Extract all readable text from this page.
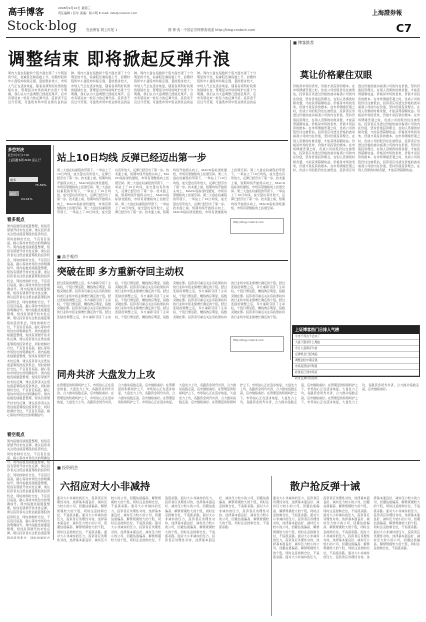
高手博客	2008年9月10日 星期三
责任编辑 / 张华 美编：杨小明 E-mail: zxb@cnstock.com	上海證券報
Stock·blog	发表博客 网上时报 1	圆·博·客 · 中国证券网博客频道 http://blog.cnstock.com	C7
调整结束 即将掀起反弹升浪
周内大盘在指数和个股方面出现了十分明显的分化，权重股压制指数上升，而题材股和中小盘股却持续走强，量能稳步放大，市场人气正在逐步恢复，随着各项利好政策的陆续出台，管理层对市场的呵护态度十分明确，我们认为大盘调整已经接近尾声，后市有望迎来一轮有力的反弹升浪。投资者不宜过分悲观，可逢低布局中报业绩优良的品种。周内大盘在指数和个股方面出现了十分明显的分化，权重股压制指数上升，而题材股和中小盘股却持续走强，量能稳步放大，市场人气正在逐步恢复，随着各项利好政策的陆续出台，管理层对市场的呵护态度十分明确，我们认为大盘调整已经接近尾声，后市有望迎来一轮有力的反弹升浪。投资者不宜过分悲观，可逢低布局中报业绩优良的品种。周内大盘在指数和个股方面出现了十分明显的分化，权重股压制指数上升，而题材股和中小盘股却持续走强，量能稳步放大，市场人气正在逐步恢复，随着各项利好政策的陆续出台，管理层对市场的呵护态度十分明确，我们认为大盘调整已经接近尾声，后市有望迎来一轮有力的反弹升浪。投资者不宜过分悲观，可逢低布局中报业绩优良的品种。周内大盘在指数和个股方面出现了十分明显的分化，权重股压制指数上升，而题材股和中小盘股却持续走强，量能稳步放大，市场人气正在逐步恢复，随着各项利好政策的陆续出台，管理层对市场的呵护态度十分明确，我们认为大盘调整已经接近尾声，后市有望迎来一轮有力的反弹升浪。投资者不宜过分悲观，可逢低布局中报业绩优良的品
多空对决
截至9月9日17:00
上证指数本周 2100 点以上？
看多
75.59%
看空
24.41%
看多观点
周内指数连续缩量整理，短线有望展开技术性反弹，建议投资者关注低估值蓝筹股的投资机会，同时控制好仓位，不宜盲目追高，耐心等待市场给出的明确信号。周内指数连续缩量整理，短线有望展开技术性反弹，建议投资者关注低估值蓝筹股的投资机会，同时控制好仓位，不宜盲目追高，耐心等待市场给出的明确信号。周内指数连续缩量整理，短线有望展开技术性反弹，建议投资者关注低估值蓝筹股的投资机会，同时控制好仓位，不宜盲目追高，耐心等待市场给出的明确信号。周内指数连续缩量整理，短线有望展开技术性反弹，建议投资者关注低估值蓝筹股的投资机会，同时控制好仓位，不宜盲目追高，耐心等待市场给出的明确信号。周内指数连续缩量整理，短线有望展开技术性反弹，建议投资者关注低估值蓝筹股的投资机会，同时控制好仓位，不宜盲目追高，耐心等待市场给出的明确信号。周内指数连续缩量整理，短线有望展开技术性反弹，建议投资者关注低估值蓝筹股的投资机会，同时控制好仓位，不宜盲目追高，耐心等待市场给出的明确信号。周内指数连续缩量整理，短线有望展开技术性反弹，建议投资者关注低估值蓝筹股的投资机会，同时控制好仓位，不宜盲目追高，耐心等待市场给出的明确信号。周内指数连续缩量整理，短线有望展开技术性反弹，建议投资者关注低估值蓝筹股的投资机会，同时控制好仓位，不宜盲目追高，耐心等待市场给出的明确信号。周内指数连续缩量整理，短线有望展开技术性反弹，建议投资者关注低估值蓝筹股的投资机会，同时控制好仓位，不宜盲目追高，耐心等待市场给出的明确信号。
看空观点
周内指数连续缩量整理，短线有望展开技术性反弹，建议投资者关注低估值蓝筹股的投资机会，同时控制好仓位，不宜盲目追高，耐心等待市场给出的明确信号。周内指数连续缩量整理，短线有望展开技术性反弹，建议投资者关注低估值蓝筹股的投资机会，同时控制好仓位，不宜盲目追高，耐心等待市场给出的明确信号。周内指数连续缩量整理，短线有望展开技术性反弹，建议投资者关注低估值蓝筹股的投资机会，同时控制好仓位，不宜盲目追高，耐心等待市场给出的明确信号。周内指数连续缩量整理，短线有望展开技术性反弹，建议投资者关注低估值蓝筹股的投资机会，同时控制好仓位，不宜盲目追高，耐心等待市场给出的明确信号。周内指数连续缩量整理，短线有望展开技术性反弹，建议投资者关注低估值蓝筹股的投资机会，同时控制好仓
站上10日均线 反弹已经迈出第一步
周二大盘在权重股的带领下，一举站上了10日均线，成交量也有所放大，反弹已经迈出了第一步。技术面上看，短期均线开始拐头向上，MACD指标绿柱缩短，市场有望继续向上拓展空间。周二大盘在权重股的带领下，一举站上了10日均线，成交量也有所放大，反弹已经迈出了第一步。技术面上看，短期均线开始拐头向上，MACD指标绿柱缩短，市场有望继续向上拓展空间。周二大盘在权重股的带领下，一举站上了10日均线，成交量也有所放大，反弹已经迈出了第一步。技术面上看，短期均线开始拐头向上，MACD指标绿柱缩短，市场有望继续向上拓展空间。周二大盘在权重股的带领下，一举站上了10日均线，成交量也有所放大，反弹已经迈出了第一步。技术面上看，短期均线开始拐头向上，MACD指标绿柱缩短，市场有望继续向上拓展空间。周二大盘在权重股的带领下，一举站上了10日均线，成交量也有所放大，反弹已经迈出了第一步。技术面上看，短期均线开始拐头向上，MACD指标绿柱缩短，市场有望继续向上拓展空间。周二大盘在权重股的带领下，一举站上了10日均线，成交量也有所放大，反弹已经迈出了第一步。技术面上看，短期均线开始拐头向上，MACD指标绿柱缩短，市场有望继续向上拓展空间。周二大盘在权重股的带领下，一举站上了10日均线，成交量也有所放大，反弹已经迈出了第一步。技术面上看，短期均线开始拐头向上，MACD指标绿柱缩短，市场有望继续向上拓展空间。周二大盘在权重股的带领下，一举站上了10日均线，成交量也有所放大，反弹已经迈出了第一步。技术面上看，短期均线开始拐头向上，MACD指标绿柱缩短，市场有望继续向上拓展空间。周二大盘在权重股的带领下，一举站上了10日均线，成交量也有所放大，反弹已经迈出了第一步。技术面上看，短期均线开始拐头向上，MACD指标绿柱缩短，市场有望继续向上拓展空间。
http://blog.cnstock.com
■ 高手观市
突破在即 多方重新夺回主动权
经过连续的调整之后，多方重新夺回了主动权，个股行情活跃，赚钱效应明显，指数突破在即。投资者可重点关注有政策扶持的行业和中报业绩增长确定的个股。经过连续的调整之后，多方重新夺回了主动权，个股行情活跃，赚钱效应明显，指数突破在即。投资者可重点关注有政策扶持的行业和中报业绩增长确定的个股。经过连续的调整之后，多方重新夺回了主动权，个股行情活跃，赚钱效应明显，指数突破在即。投资者可重点关注有政策扶持的行业和中报业绩增长确定的个股。经过连续的调整之后，多方重新夺回了主动权，个股行情活跃，赚钱效应明显，指数突破在即。投资者可重点关注有政策扶持的行业和中报业绩增长确定的个股。经过连续的调整之后，多方重新夺回了主动权，个股行情活跃，赚钱效应明显，指数突破在即。投资者可重点关注有政策扶持的行业和中报业绩增长确定的个股。经过连续的调整之后，多方重新夺回了主动权，个股行情活跃，赚钱效应明显，指数突破在即。投资者可重点关注有政策扶持的行业和中报业绩增长确定的个股。经过连续的调整之后，多方重新夺回了主动权，个股行情活跃，赚钱效应明显，指数突破在即。投资者可重点关注有政策扶持的行业和中报业绩增长确定的个股。经过连续的调整之后，多方重新夺回了主动权，个股行情活跃，赚钱效应明显，指数突破在即。投资者可重点关注有政策扶持的行业和中报业绩增长确定的个股。经过连续的调整之后，多方重新夺回了主动权，个股行情活跃，赚钱效应明显，指数突破在即。投资者可重点关注有政策扶持的行业和中报业绩增长确定的个股。
http://blog.cnstock.com
同舟共济 大盘发力上攻
在管理层的积极呵护之下，市场信心正在逐步恢复，大盘发力上攻，各路资金同舟共济，合力推动指数走高，后市继续看好。在管理层的积极呵护之下，市场信心正在逐步恢复，大盘发力上攻，各路资金同舟共济，合力推动指数走高，后市继续看好。在管理层的积极呵护之下，市场信心正在逐步恢复，大盘发力上攻，各路资金同舟共济，合力推动指数走高，后市继续看好。在管理层的积极呵护之下，市场信心正在逐步恢复，大盘发力上攻，各路资金同舟共济，合力推动指数走高，后市继续看好。在管理层的积极呵护之下，市场信心正在逐步恢复，大盘发力上攻，各路资金同舟共济，合力推动指数走高，后市继续看好。在管理层的积极呵护之下，市场信心正在逐步恢复，大盘发力上攻，各路资金同舟共济，合力推动指数走高，后市继续看好。在管理层的积极呵护之下，市场信心正在逐步恢复，大盘发力上攻，各路资金同舟共济，合力推动指数走高，后市继续看好。在管理层的积极呵护之下，市场信心正在逐步恢复，大盘发力上攻，各路资金同舟共济，合力推动指数走高，后市继续看好。在管理层的积极呵护之下，市场信心正在逐步恢复，大盘发力上攻，各路资金同舟共济，合力推动指数走高，后市继续看好。
■ 博客推荐
莫让价格蒙住双眼
价格是市场的表象，价值才是投资的根本。在市场情绪悲观之时，优质公司的股价往往被低估，投资者应该透过价格的波动看清公司的内在价值，坚持价值投资理念，在别人恐惧的时候贪婪，才能获得超额收益。价格是市场的表象，价值才是投资的根本。在市场情绪悲观之时，优质公司的股价往往被低估，投资者应该透过价格的波动看清公司的内在价值，坚持价值投资理念，在别人恐惧的时候贪婪，才能获得超额收益。价格是市场的表象，价值才是投资的根本。在市场情绪悲观之时，优质公司的股价往往被低估，投资者应该透过价格的波动看清公司的内在价值，坚持价值投资理念，在别人恐惧的时候贪婪，才能获得超额收益。价格是市场的表象，价值才是投资的根本。在市场情绪悲观之时，优质公司的股价往往被低估，投资者应该透过价格的波动看清公司的内在价值，坚持价值投资理念，在别人恐惧的时候贪婪，才能获得超额收益。价格是市场的表象，价值才是投资的根本。在市场情绪悲观之时，优质公司的股价往往被低估，投资者应该透过价格的波动看清公司的内在价值，坚持价值投资理念，在别人恐惧的时候贪婪，才能获得超额收益。价格是市场的表象，价值才是投资的根本。在市场情绪悲观之时，优质公司的股价往往被低估，投资者应该透过价格的波动看清公司的内在价值，坚持价值投资理念，在别人恐惧的时候贪婪，才能获得超额收益。价格是市场的表象，价值才是投资的根本。在市场情绪悲观之时，优质公司的股价往往被低估，投资者应该透过价格的波动看清公司的内在价值，坚持价值投资理念，在别人恐惧的时候贪婪，才能获得超额收益。价格是市场的表象，价值才是投资的根本。在市场情绪悲观之时，优质公司的股价往往被低估，投资者应该透过价格的波动看清公司的内在价值，坚持价值投资理念，在别人恐惧的时候贪婪，才能获得超额收益。价格是市场的表象，价值才是投资的根本。在市场情绪悲观之时，优质公司的股价往往被低估，投资者应该透过价格的波动看清公司的内在价值，坚持价值投资理念，在别人恐惧的时候贪婪，才能获得超额收益。
上证博客热门日排人气榜
牛市不死也不会来了
大盘下跌是什么理由
今日大盘简评分析
反弹机会已经来临
调整到位中期走强
市场底部信号明显
政策底已现市场底
技术反弹仍将延续
■ 投资机会
六招应对大小非减持	散户抢反弹十诫
面对大小非减持的压力，投资者应该理性对待，选择基本面良好、减持压力较小的公司，回避估值偏高、解禁规模较大的个股，同时注意控制仓位，不追涨杀跌。面对大小非减持的压力，投资者应该理性对待，选择基本面良好、减持压力较小的公司，回避估值偏高、解禁规模较大的个股，同时注意控制仓位，不追涨杀跌。面对大小非减持的压力，投资者应该理性对待，选择基本面良好、减持压力较小的公司，回避估值偏高、解禁规模较大的个股，同时注意控制仓位，不追涨杀跌。面对大小非减持的压力，投资者应该理性对待，选择基本面良好、减持压力较小的公司，回避估值偏高、解禁规模较大的个股，同时注意控制仓位，不追涨杀跌。面对大小非减持的压力，投资者应该理性对待，选择基本面良好、减持压力较小的公司，回避估值偏高、解禁规模较大的个股，同时注意控制仓位，不追涨杀跌。面对大小非减持的压力，投资者应该理性对待，选择基本面良好、减持压力较小的公司，回避估值偏高、解禁规模较大的个股，同时注意控制仓位，不追涨杀跌。面对大小非减持的压力，投资者应该理性对待，选择基本面良好、减持压力较小的公司，回避估值偏高、解禁规模较大的个股，同时注意控制仓位，不追涨杀跌。面对大小非减持的压力，投资者应该理性对待，选择基本面良好、减持压力较小的公司，回避估值偏高、解禁规模较大的个股，同时注意控制仓位，不追涨杀跌。面对大小非减持的压力，投资者应该理性对待，选择基本面良好、减持压力较小的公司，回避估值偏高、解禁规模较大的个股，同时注意控制仓位，不追涨杀跌。
面对大小非减持的压力，投资者应该理性对待，选择基本面良好、减持压力较小的公司，回避估值偏高、解禁规模较大的个股，同时注意控制仓位，不追涨杀跌。面对大小非减持的压力，投资者应该理性对待，选择基本面良好、减持压力较小的公司，回避估值偏高、解禁规模较大的个股，同时注意控制仓位，不追涨杀跌。面对大小非减持的压力，投资者应该理性对待，选择基本面良好、减持压力较小的公司，回避估值偏高、解禁规模较大的个股，同时注意控制仓位，不追涨杀跌。面对大小非减持的压力，投资者应该理性对待，选择基本面良好、减持压力较小的公司，回避估值偏高、解禁规模较大的个股，同时注意控制仓位，不追涨杀跌。面对大小非减持的压力，投资者应该理性对待，选择基本面良好、减持压力较小的公司，回避估值偏高、解禁规模较大的个股，同时注意控制仓位，不追涨杀跌。面对大小非减持的压力，投资者应该理性对待，选择基本面良好、减持压力较小的公司，回避估值偏高、解禁规模较大的个股，同时注意控制仓位，不追涨杀跌。面对大小非减持的压力，投资者应该理性对待，选择基本面良好、减持压力较小的公司，回避估值偏高、解禁规模较大的个股，同时注意控制仓位，不追涨杀跌。面对大小非减持的压力，投资者应该理性对待，选择基本面良好、减持压力较小的公司，回避估值偏高、解禁规模较大的个股，同时注意控制仓位，不追涨杀跌。面对大小非减持的压力，投资者应该理性对待，选择基本面良好、减持压力较小的公司，回避估值偏高、解禁规模较大的个股，同时注意控制仓位，不追涨杀跌。
